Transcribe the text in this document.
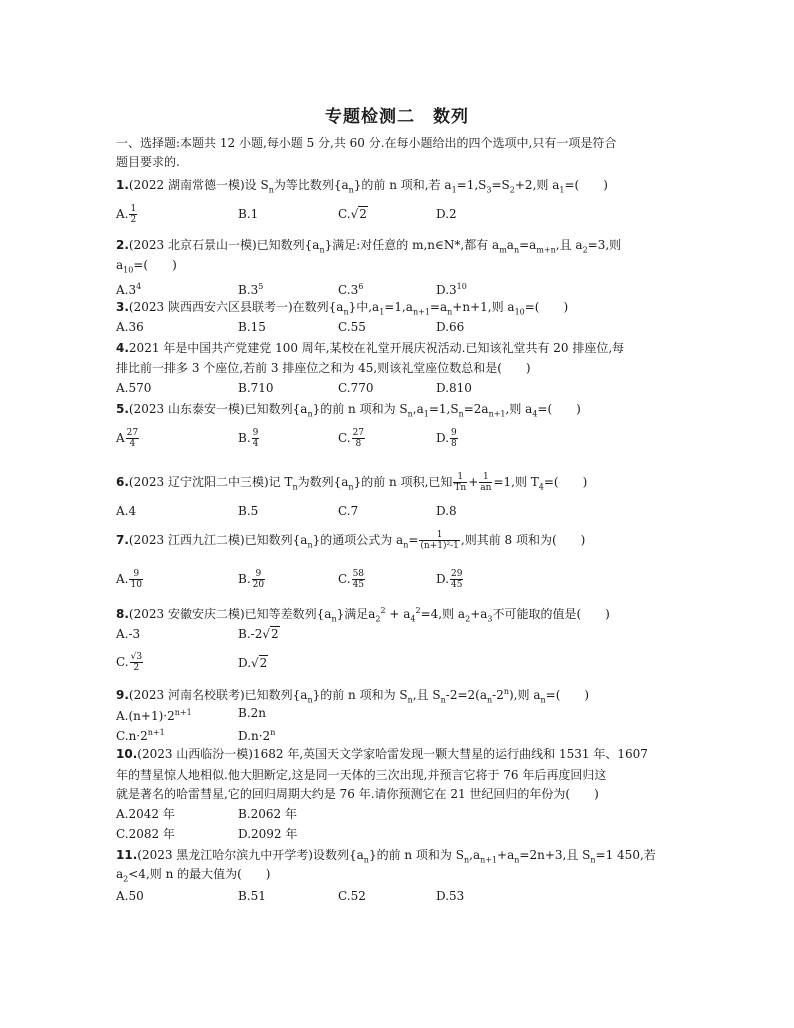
专题检测二　数列
一、选择题:本题共 12 小题,每小题 5 分,共 60 分.在每小题给出的四个选项中,只有一项是符合
题目要求的.
1.(2022 湖南常德一模)设 $S_n$为等比数列$\{a_n\}$的前 n 项和,若 $a_1=1,S_3=S_2+2$,则 $a_1=$(　　)
A. $\frac{1}{2}$	B.1	C.√2	D.2
2.(2023 北京石景山一模)已知数列$\{a_n\}$满足:对任意的 m,n∈N*,都有 $a_ma_n=a_{m+n}$,且 $a_2=3$,则
$a_{10}=$(　　)
$A.3^4$	$B.3^5$	$C.3^6$	$D.3^{10}$
3.(2023 陕西西安六区县联考一)在数列$\{a_n\}$中$,a_1=1,a_{n+1}=a_n+n+1$,则 $a_{10}=$(　　)
A.36	B.15	C.55	D.66
4.2021 年是中国共产党建党 100 周年,某校在礼堂开展庆祝活动.已知该礼堂共有 20 排座位,每
排比前一排多 3 个座位,若前 3 排座位之和为 45,则该礼堂座位数总和是(　　)
A.570	B.710	C.770	D.810
5.(2023 山东泰安一模)已知数列$\{a_n\}$的前 n 项和为 $S_n,a_1=1,S_n=2a_{n+1}$,则 $a_4=$(　　)
A $\frac{27}{4}$	B. $\frac{9}{4}$	C. $\frac{27}{8}$	D. $\frac{9}{8}$
6.(2023 辽宁沈阳二中三模)记 $T_n$为数列$\{a_n\}$的前 n 项积,已知 $\frac{1}{Tn} + \frac{1}{an} =1$,则 $T_4=$(　　)
A.4	B.5	C.7	D.8
7.(2023 江西九江二模)已知数列$\{a_n\}$的通项公式为 $a_n= \frac{1}{\text{(n+1)²-1}}$ ,则其前 8 项和为(　　)
A. $\frac{9}{10}$	B. $\frac{9}{20}$	C. $\frac{58}{45}$	D. $\frac{29}{45}$
8.(2023 安徽安庆二模)已知等差数列$\{a_n\}$满足$a_2^2 + a_4^2=4$,则 $a_2+a_3$不可能取的值是(　　)
A.-3	B.-2√2
C. $\frac{√3}{2}$	D.√2
9.(2023 河南名校联考)已知数列$\{a_n\}$的前 n 项和为 $S_n$,且 $S_n-2=2(a_n-2^n)$,则 $a_n=$(　　)
$A.(n+1)\cdot 2^{n+1}$	B.2n
$C.n\cdot 2^{n+1}$	$D.n\cdot 2^n$
10.(2023 山西临汾一模)1682 年,英国天文学家哈雷发现一颗大彗星的运行曲线和 1531 年、1607
年的彗星惊人地相似.他大胆断定,这是同一天体的三次出现,并预言它将于 76 年后再度回归这
就是著名的哈雷彗星,它的回归周期大约是 76 年.请你预测它在 21 世纪回归的年份为(　　)
A.2042 年	B.2062 年
C.2082 年	D.2092 年
11.(2023 黑龙江哈尔滨九中开学考)设数列$\{a_n\}$的前 n 项和为 $S_n,a_{n+1}+a_n=2n+3$,且 $S_n=1$ 450,若
$a_2<4$,则 n 的最大值为(　　)
A.50	B.51	C.52	D.53
